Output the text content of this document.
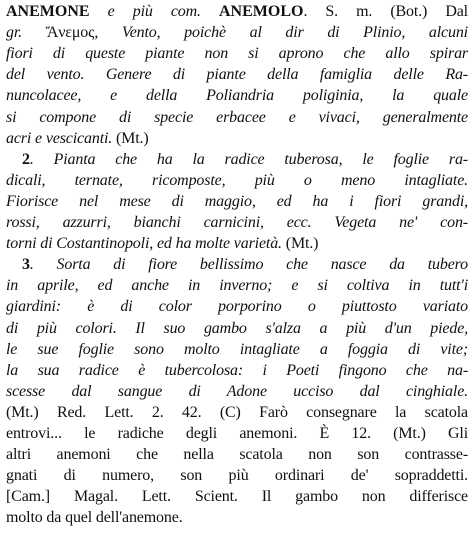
ANEMONE e più com. ANEMOLO. S. m. (Bot.) Dal
gr. Ἄνεμος, Vento, poichè al dir di Plinio, alcuni
fiori di queste piante non si aprono che allo spirar
del vento. Genere di piante della famiglia delle Ra-
nuncolacee, e della Poliandria poliginia, la quale
si compone di specie erbacee e vivaci, generalmente
acri e vescicanti. (Mt.)
2. Pianta che ha la radice tuberosa, le foglie ra-
dicali, ternate, ricomposte, più o meno intagliate.
Fiorisce nel mese di maggio, ed ha i fiori grandi,
rossi, azzurri, bianchi carnicini, ecc. Vegeta ne' con-
torni di Costantinopoli, ed ha molte varietà. (Mt.)
3. Sorta di fiore bellissimo che nasce da tubero
in aprile, ed anche in inverno; e si coltiva in tutt'i
giardini: è di color porporino o piuttosto variato
di più colori. Il suo gambo s'alza a più d'un piede,
le sue foglie sono molto intagliate a foggia di vite;
la sua radice è tubercolosa: i Poeti fingono che na-
scesse dal sangue di Adone ucciso dal cinghiale.
(Mt.) Red. Lett. 2. 42. (C) Farò consegnare la scatola
entrovi... le radiche degli anemoni. È 12. (Mt.) Gli
altri anemoni che nella scatola non son contrasse-
gnati di numero, son più ordinari de' sopraddetti.
[Cam.] Magal. Lett. Scient. Il gambo non differisce
molto da quel dell'anemone.
